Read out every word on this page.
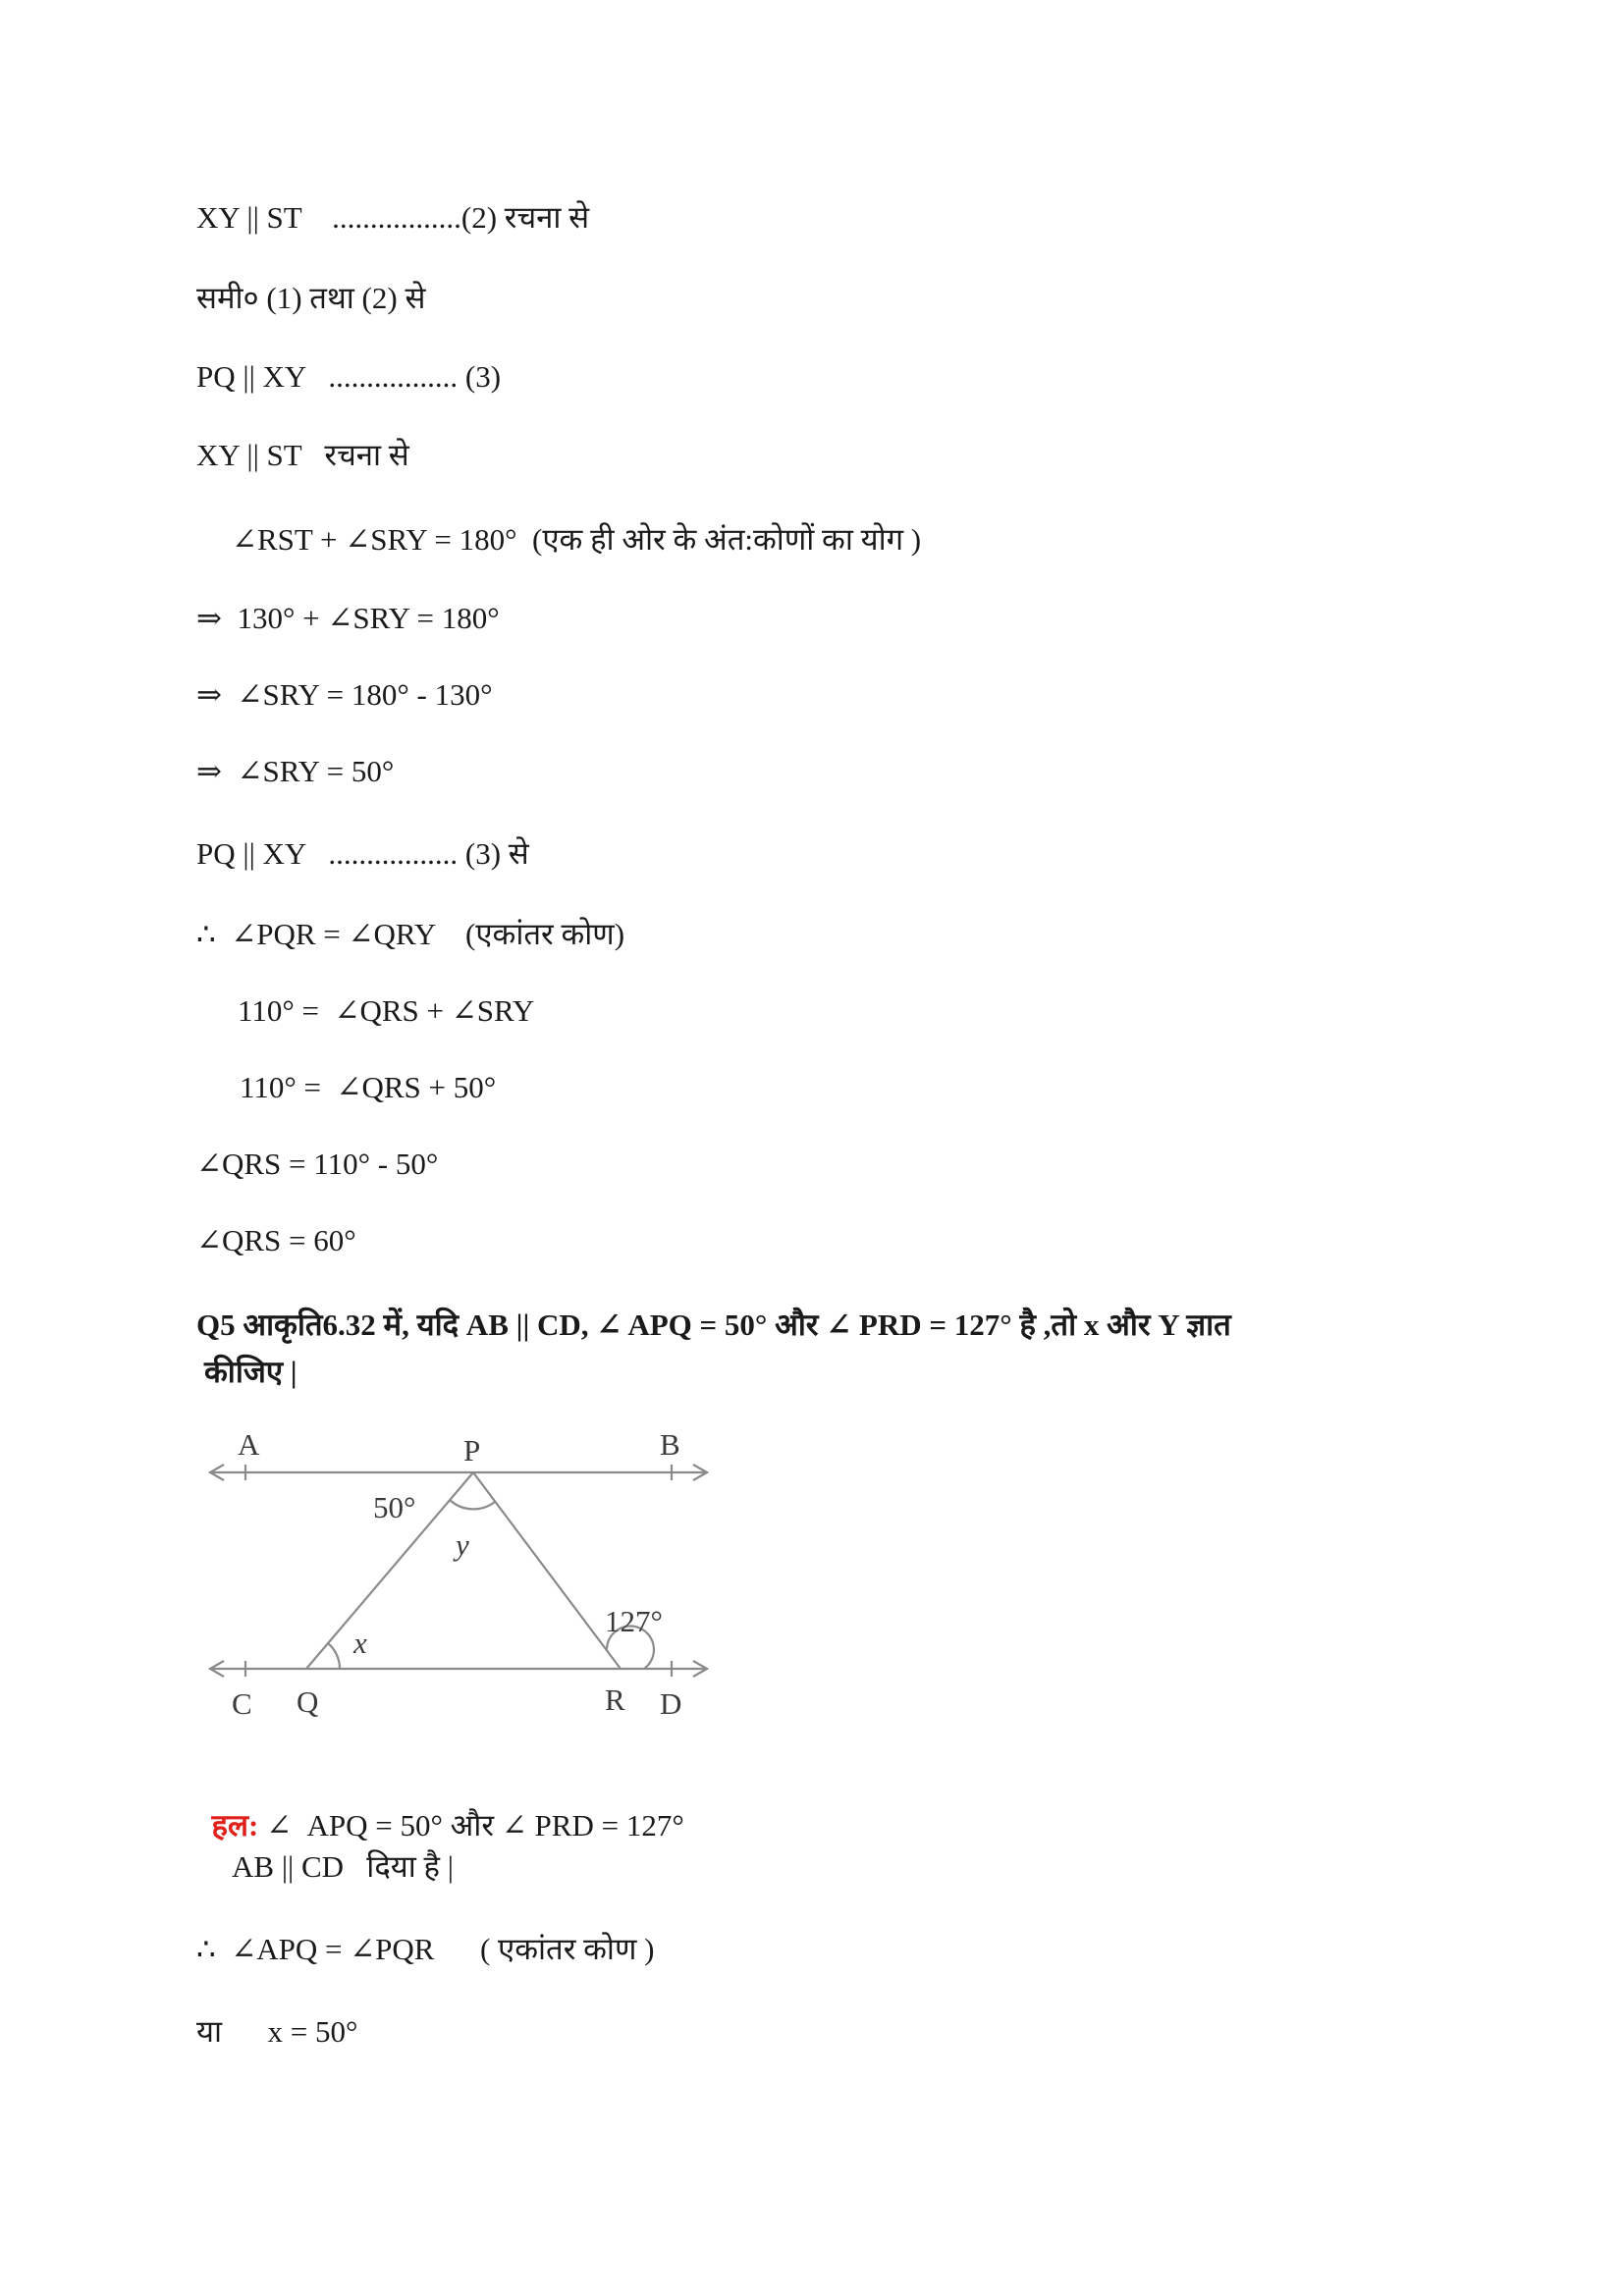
XY || ST    .................(2) रचना से
समी० (1) तथा (2) से
PQ || XY   ................. (3)
XY || ST   रचना से
∠RST + ∠SRY = 180°  (एक ही ओर के अंत:कोणों का योग )
⇒  130° + ∠SRY = 180°
⇒  ∠SRY = 180° - 130°
⇒  ∠SRY = 50°
PQ || XY   ................. (3) से
∴  ∠PQR = ∠QRY    (एकांतर कोण)
110° =  ∠QRS + ∠SRY
110° =  ∠QRS + 50°
∠QRS = 110° - 50°
∠QRS = 60°
Q5 आकृति6.32 में, यदि AB || CD, ∠ APQ = 50° और ∠ PRD = 127° है ,तो x और Y ज्ञात
कीजिए |
A	P	B
C Q	R D
50°
y
x
127°

हल: ∠  APQ = 50° और ∠ PRD = 127°

AB || CD   दिया है |
∴  ∠APQ = ∠PQR      ( एकांतर कोण )
या      x = 50°
